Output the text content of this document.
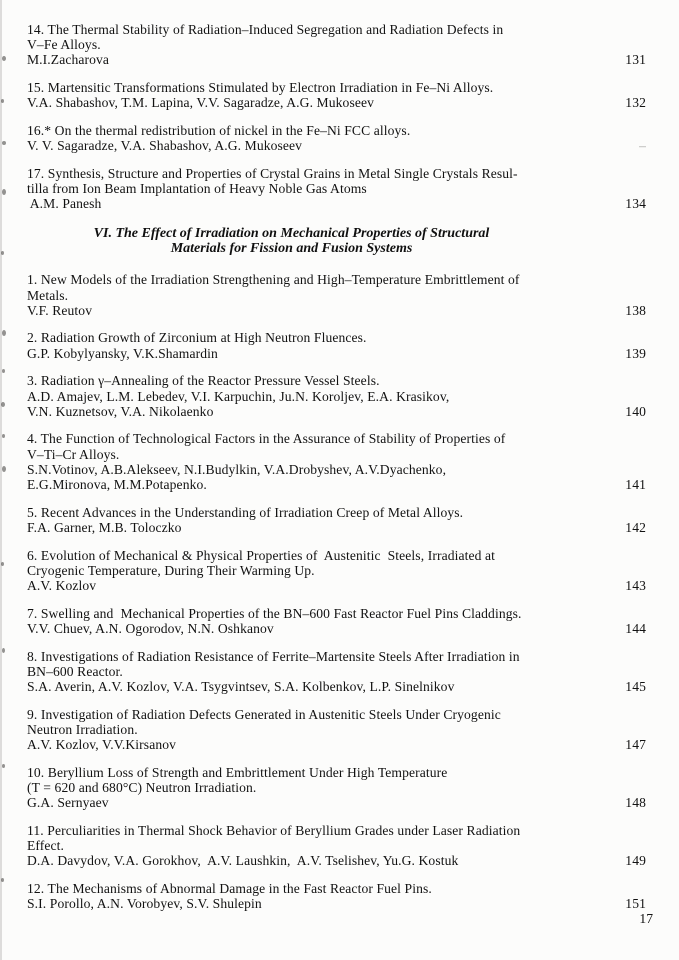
14. The Thermal Stability of Radiation–Induced Segregation and Radiation Defects in
V–Fe Alloys.
M.I.Zacharova	131
15. Martensitic Transformations Stimulated by Electron Irradiation in Fe–Ni Alloys.
V.A. Shabashov, T.M. Lapina, V.V. Sagaradze, A.G. Mukoseev	132
16.* On the thermal redistribution of nickel in the Fe–Ni FCC alloys.
V. V. Sagaradze, V.A. Shabashov, A.G. Mukoseev	–
17. Synthesis, Structure and Properties of Crystal Grains in Metal Single Crystals Resul-
tilla from Ion Beam Implantation of Heavy Noble Gas Atoms
A.M. Panesh	134
VI. The Effect of Irradiation on Mechanical Properties of Structural
Materials for Fission and Fusion Systems
1. New Models of the Irradiation Strengthening and High–Temperature Embrittlement of
Metals.
V.F. Reutov	138
2. Radiation Growth of Zirconium at High Neutron Fluences.
G.P. Kobylyansky, V.K.Shamardin	139
3. Radiation γ–Annealing of the Reactor Pressure Vessel Steels.
A.D. Amajev, L.M. Lebedev, V.I. Karpuchin, Ju.N. Koroljev, E.A. Krasikov,
V.N. Kuznetsov, V.A. Nikolaenko	140
4. The Function of Technological Factors in the Assurance of Stability of Properties of
V–Ti–Cr Alloys.
S.N.Votinov, A.B.Alekseev, N.I.Budylkin, V.A.Drobyshev, A.V.Dyachenko,
E.G.Mironova, M.M.Potapenko.	141
5. Recent Advances in the Understanding of Irradiation Creep of Metal Alloys.
F.A. Garner, M.B. Toloczko	142
6. Evolution of Mechanical & Physical Properties of  Austenitic  Steels, Irradiated at
Cryogenic Temperature, During Their Warming Up.
A.V. Kozlov	143
7. Swelling and  Mechanical Properties of the BN–600 Fast Reactor Fuel Pins Claddings.
V.V. Chuev, A.N. Ogorodov, N.N. Oshkanov	144
8. Investigations of Radiation Resistance of Ferrite–Martensite Steels After Irradiation in
BN–600 Reactor.
S.A. Averin, A.V. Kozlov, V.A. Tsygvintsev, S.A. Kolbenkov, L.P. Sinelnikov	145
9. Investigation of Radiation Defects Generated in Austenitic Steels Under Cryogenic
Neutron Irradiation.
A.V. Kozlov, V.V.Kirsanov	147
10. Beryllium Loss of Strength and Embrittlement Under High Temperature
(T = 620 and 680°C) Neutron Irradiation.
G.A. Sernyaev	148
11. Perculiarities in Thermal Shock Behavior of Beryllium Grades under Laser Radiation
Effect.
D.A. Davydov, V.A. Gorokhov,  A.V. Laushkin,  A.V. Tselishev, Yu.G. Kostuk	149
12. The Mechanisms of Abnormal Damage in the Fast Reactor Fuel Pins.
S.I. Porollo, A.N. Vorobyev, S.V. Shulepin	151
17
